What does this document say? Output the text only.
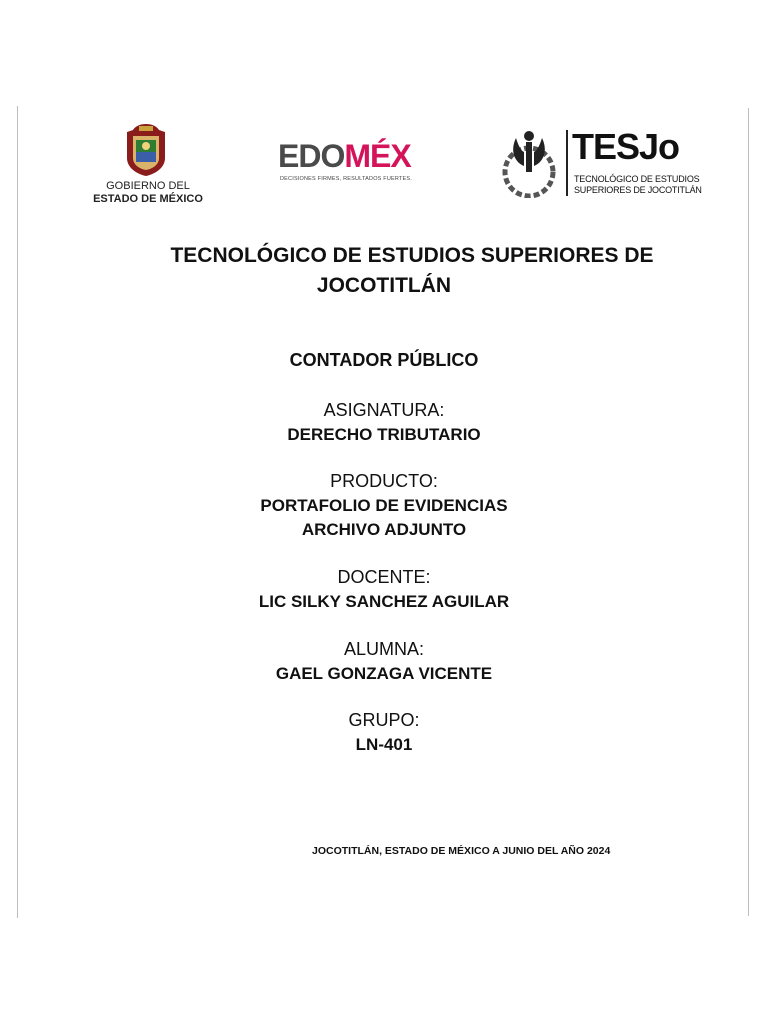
GOBIERNO DEL
ESTADO DE MÉXICO
EDOMÉX
DECISIONES FIRMES, RESULTADOS FUERTES.
TESJo
TECNOLÓGICO DE ESTUDIOS
SUPERIORES DE JOCOTITLÁN
TECNOLÓGICO DE ESTUDIOS SUPERIORES DE
JOCOTITLÁN
CONTADOR PÚBLICO
ASIGNATURA:
DERECHO TRIBUTARIO
PRODUCTO:
PORTAFOLIO DE EVIDENCIAS
ARCHIVO ADJUNTO
DOCENTE:
LIC SILKY SANCHEZ AGUILAR
ALUMNA:
GAEL GONZAGA VICENTE
GRUPO:
LN-401
JOCOTITLÁN, ESTADO DE MÉXICO A JUNIO DEL AÑO 2024
